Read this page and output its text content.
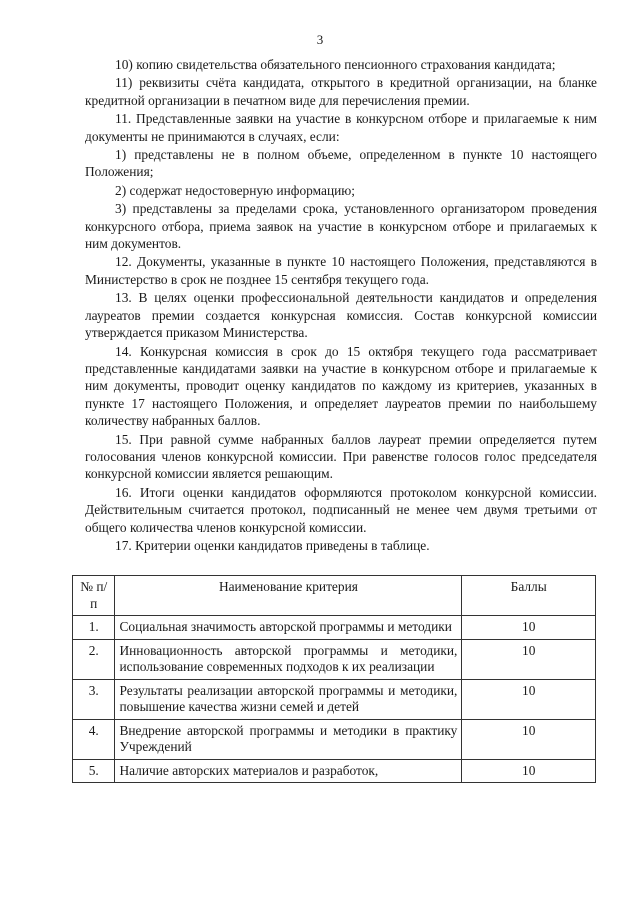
3

10) копию свидетельства обязательного пенсионного страхования кандидата;

11) реквизиты счёта кандидата, открытого в кредитной организации, на бланке кредитной организации в печатном виде для перечисления премии.

11. Представленные заявки на участие в конкурсном отборе и прилагаемые к ним документы не принимаются в случаях, если:

1) представлены не в полном объеме, определенном в пункте 10 настоящего Положения;

2) содержат недостоверную информацию;

3) представлены за пределами срока, установленного организатором проведения конкурсного отбора, приема заявок на участие в конкурсном отборе и прилагаемых к ним документов.

12. Документы, указанные в пункте 10 настоящего Положения, представляются в Министерство в срок не позднее 15 сентября текущего года.

13. В целях оценки профессиональной деятельности кандидатов и определения лауреатов премии создается конкурсная комиссия. Состав конкурсной комиссии утверждается приказом Министерства.

14. Конкурсная комиссия в срок до 15 октября текущего года рассматривает представленные кандидатами заявки на участие в конкурсном отборе и прилагаемые к ним документы, проводит оценку кандидатов по каждому из критериев, указанных в пункте 17 настоящего Положения, и определяет лауреатов премии по наибольшему количеству набранных баллов.

15. При равной сумме набранных баллов лауреат премии определяется путем голосования членов конкурсной комиссии. При равенстве голосов голос председателя конкурсной комиссии является решающим.

16. Итоги оценки кандидатов оформляются протоколом конкурсной комиссии. Действительным считается протокол, подписанный не менее чем двумя третьими от общего количества членов конкурсной комиссии.

17. Критерии оценки кандидатов приведены в таблице.

№ п/п	Наименование критерия	Баллы
1.	Социальная значимость авторской программы и методики	10
2.	Инновационность авторской программы и методики, использование современных подходов к их реализации	10
3.	Результаты реализации авторской программы и методики, повышение качества жизни семей и детей	10
4.	Внедрение авторской программы и методики в практику Учреждений	10
5.	Наличие авторских материалов и разработок,	10
